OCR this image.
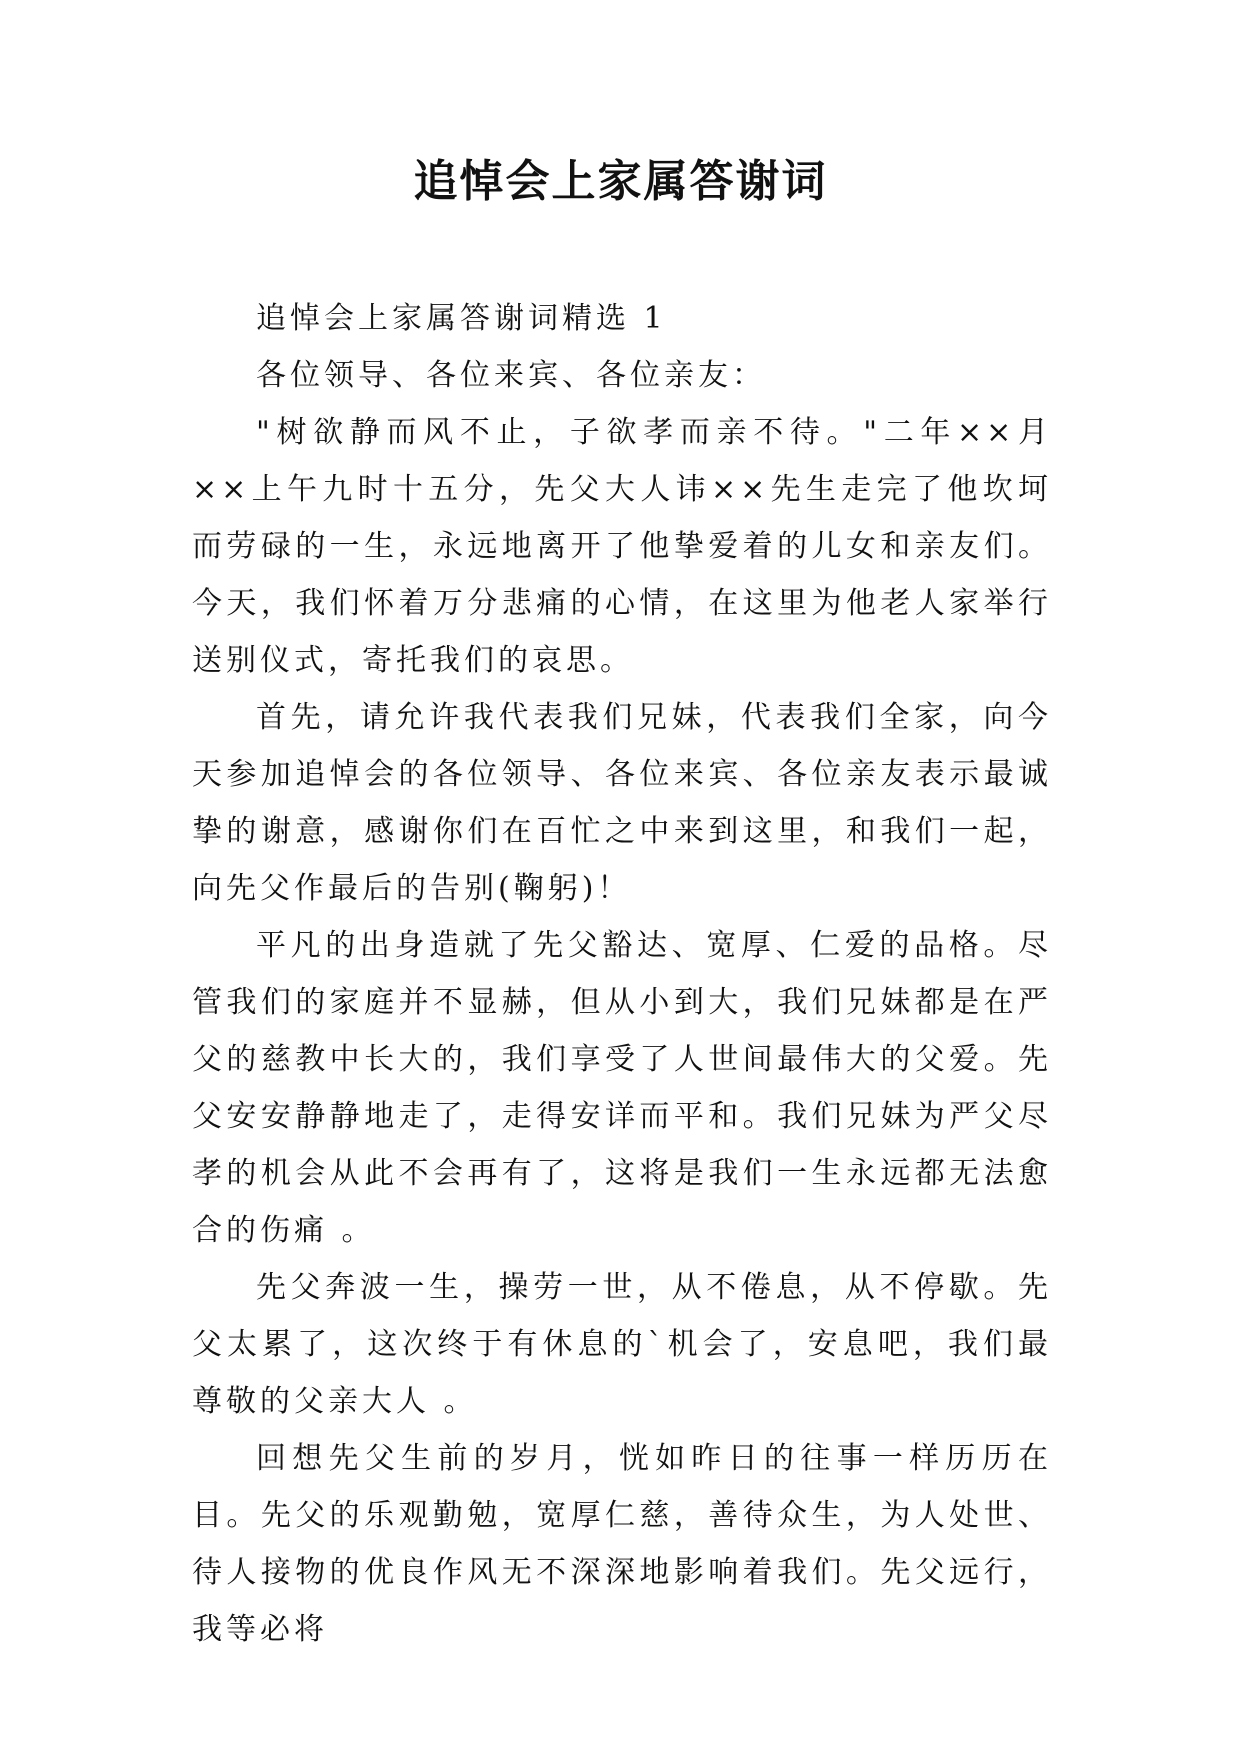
追悼会上家属答谢词

追悼会上家属答谢词精选 1

各位领导、各位来宾、各位亲友：

"树欲静而风不止，子欲孝而亲不待。"二年××月××上午九时十五分，先父大人讳××先生走完了他坎坷而劳碌的一生，永远地离开了他挚爱着的儿女和亲友们。今天，我们怀着万分悲痛的心情，在这里为他老人家举行送别仪式，寄托我们的哀思。

首先，请允许我代表我们兄妹，代表我们全家，向今天参加追悼会的各位领导、各位来宾、各位亲友表示最诚挚的谢意，感谢你们在百忙之中来到这里，和我们一起，向先父作最后的告别(鞠躬)！

平凡的出身造就了先父豁达、宽厚、仁爱的品格。尽管我们的家庭并不显赫，但从小到大，我们兄妹都是在严父的慈教中长大的，我们享受了人世间最伟大的父爱。先父安安静静地走了，走得安详而平和。我们兄妹为严父尽孝的机会从此不会再有了，这将是我们一生永远都无法愈合的伤痛 。

先父奔波一生，操劳一世，从不倦息，从不停歇。先父太累了，这次终于有休息的`机会了，安息吧，我们最尊敬的父亲大人 。

回想先父生前的岁月，恍如昨日的往事一样历历在目。先父的乐观勤勉，宽厚仁慈，善待众生，为人处世、待人接物的优良作风无不深深地影响着我们。先父远行，我等必将
